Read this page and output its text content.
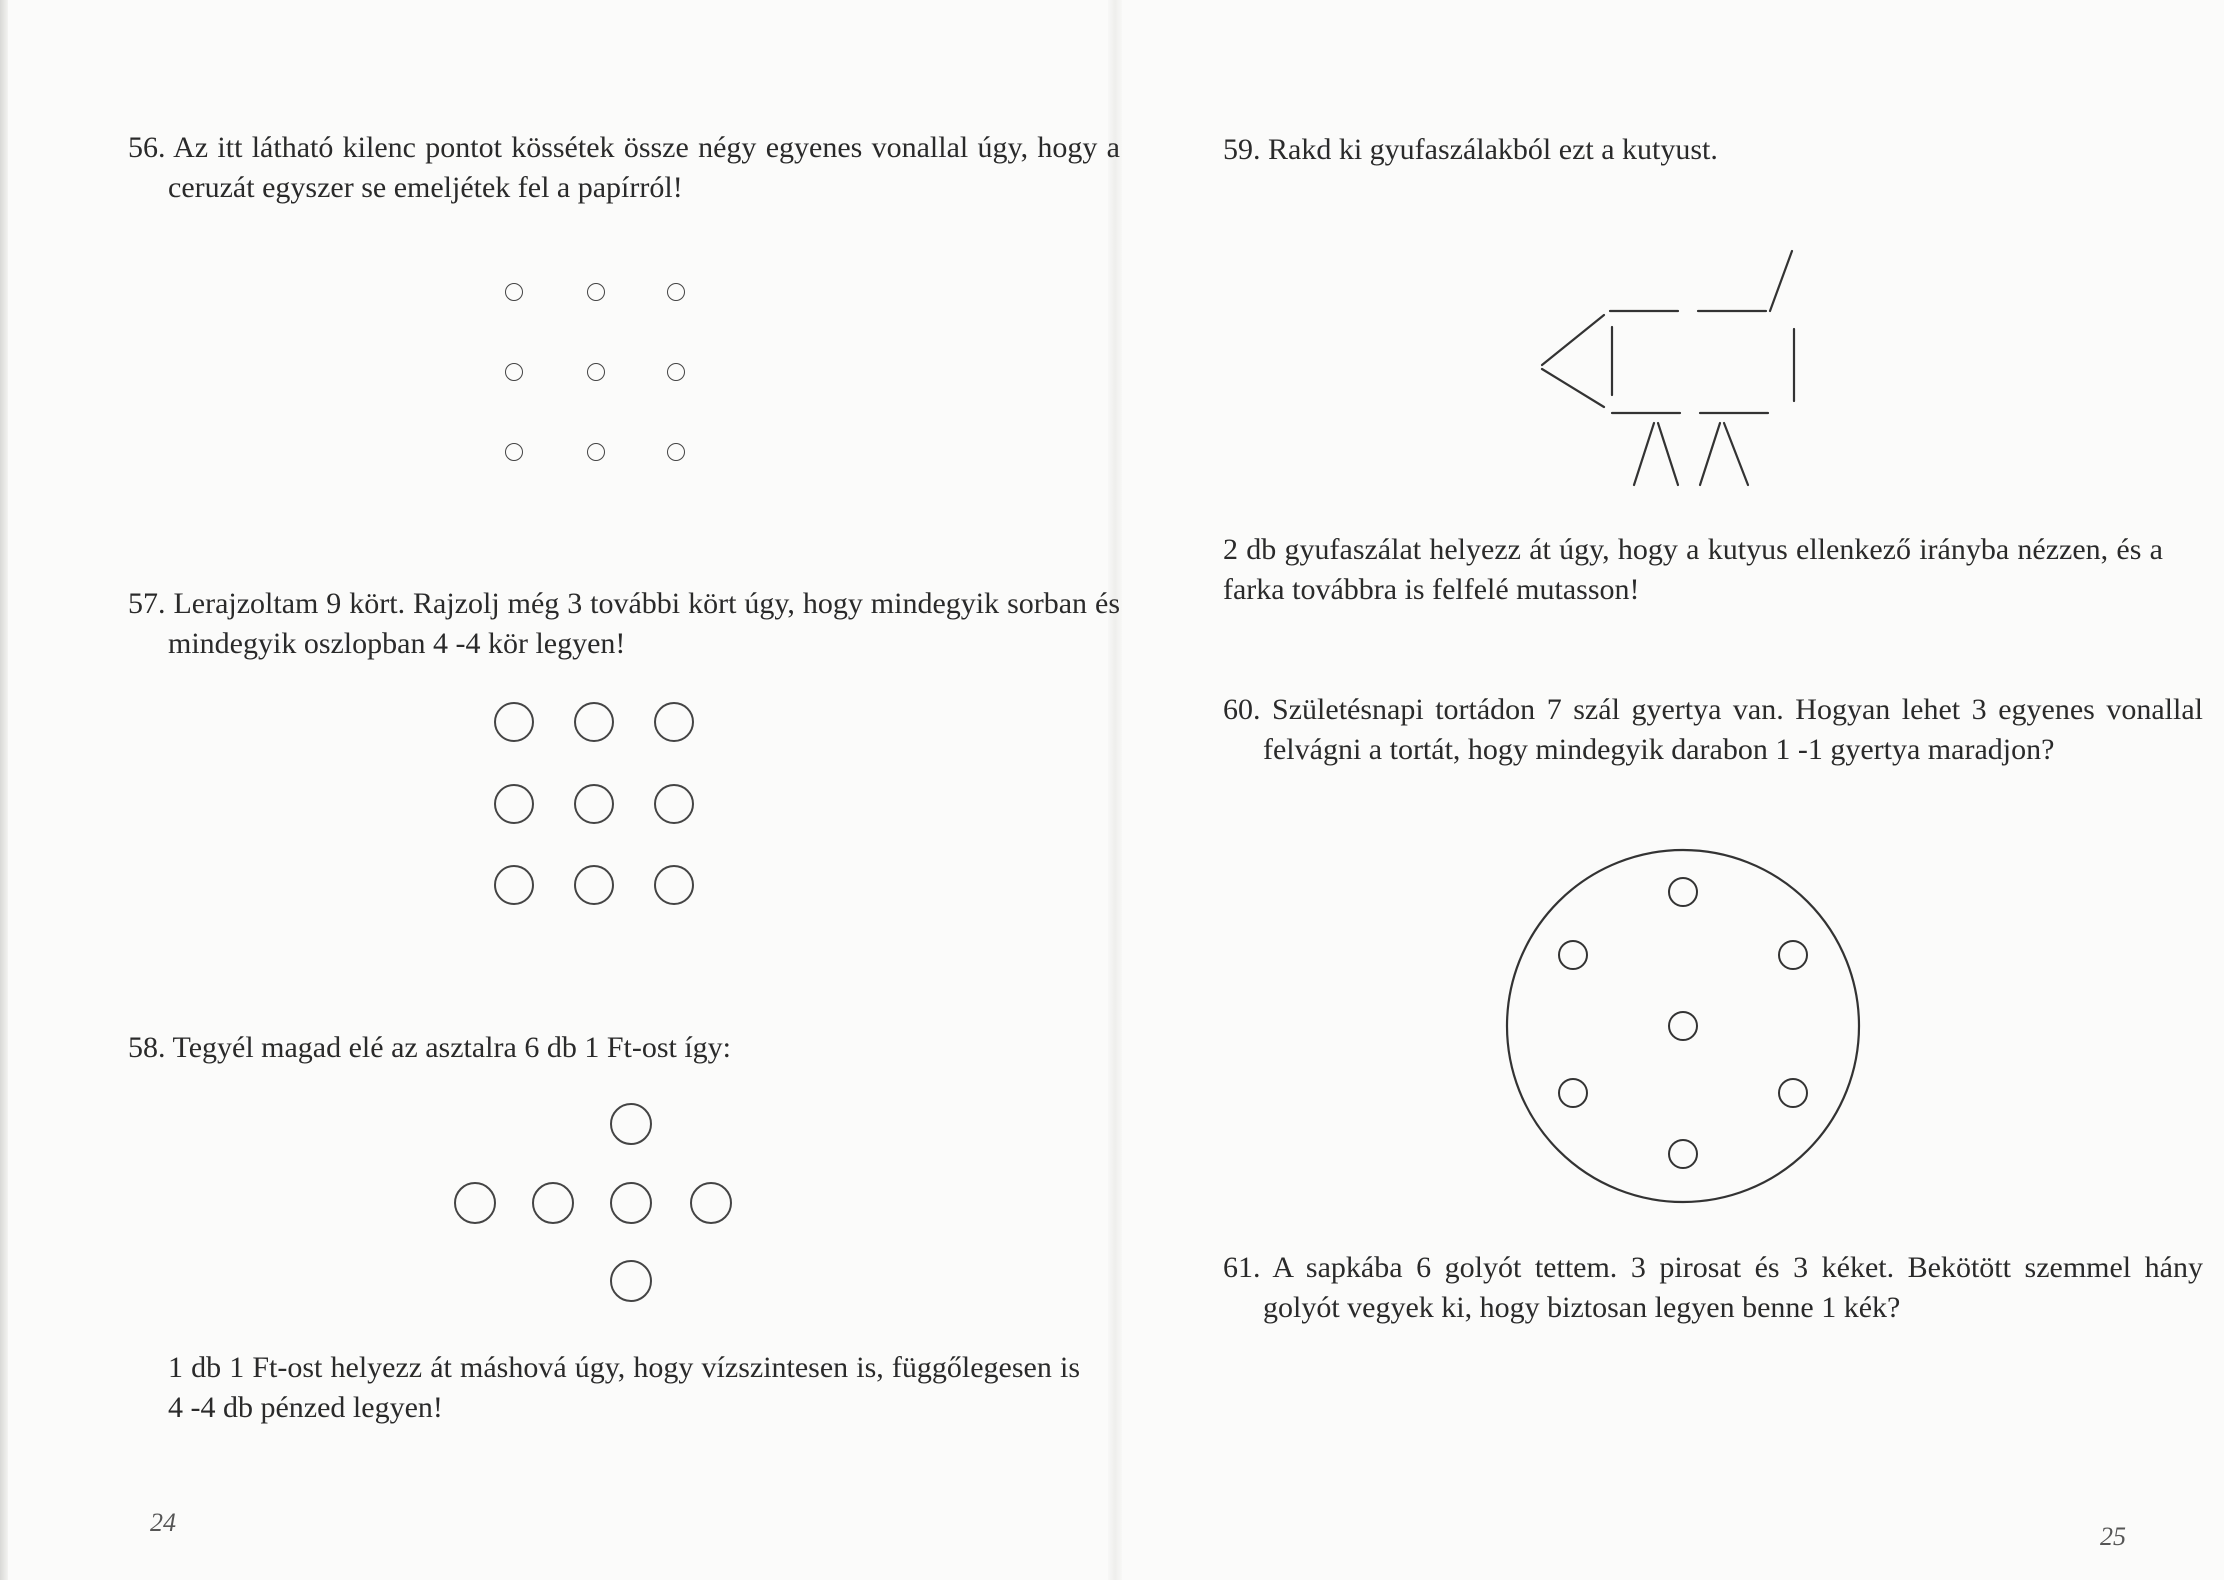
56. Az itt látható kilenc pontot kössétek össze négy egyenes vonallal úgy, hogy a ceruzát egyszer se emeljétek fel a papírról!

57. Lerajzoltam 9 kört. Rajzolj még 3 további kört úgy, hogy mindegyik sorban és mindegyik oszlopban 4 -4 kör legyen!

58. Tegyél magad elé az asztalra 6 db 1 Ft-ost így:

1 db 1 Ft-ost helyezz át máshová úgy, hogy vízszintesen is, függőlegesen is 4 -4 db pénzed legyen!

24

59. Rakd ki gyufaszálakból ezt a kutyust.

2 db gyufaszálat helyezz át úgy, hogy a kutyus ellenkező irányba nézzen, és a farka továbbra is felfelé mutasson!

60. Születésnapi tortádon 7 szál gyertya van. Hogyan lehet 3 egyenes vonallal felvágni a tortát, hogy mindegyik darabon 1 -1 gyertya maradjon?

61. A sapkába 6 golyót tettem. 3 pirosat és 3 kéket. Bekötött szemmel hány golyót vegyek ki, hogy biztosan legyen benne 1 kék?

25
